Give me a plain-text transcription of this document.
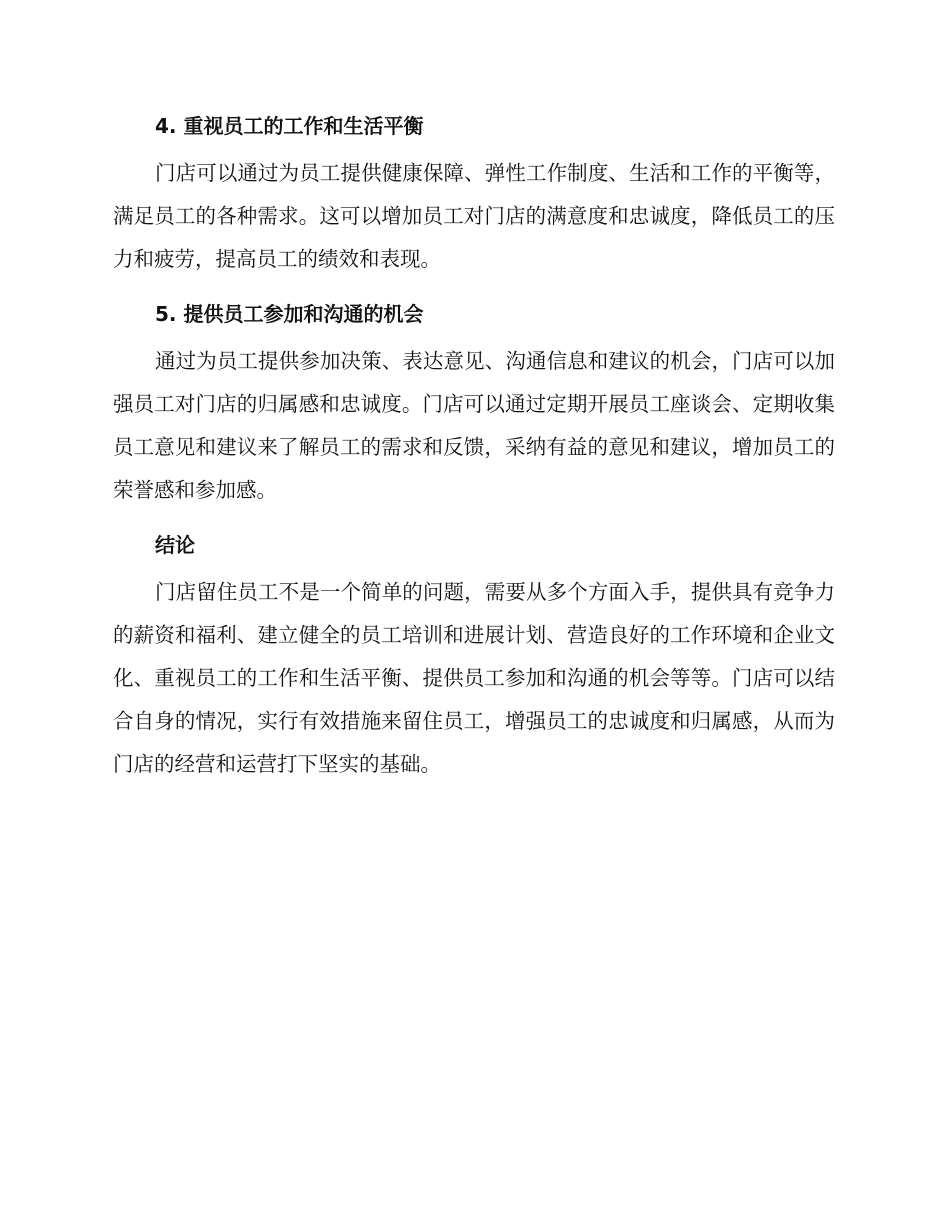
4. 重视员工的工作和生活平衡

门店可以通过为员工提供健康保障、弹性工作制度、生活和工作的平衡等，满足员工的各种需求。这可以增加员工对门店的满意度和忠诚度，降低员工的压力和疲劳，提高员工的绩效和表现。

5. 提供员工参加和沟通的机会

通过为员工提供参加决策、表达意见、沟通信息和建议的机会，门店可以加强员工对门店的归属感和忠诚度。门店可以通过定期开展员工座谈会、定期收集员工意见和建议来了解员工的需求和反馈，采纳有益的意见和建议，增加员工的荣誉感和参加感。

结论

门店留住员工不是一个简单的问题，需要从多个方面入手，提供具有竞争力的薪资和福利、建立健全的员工培训和进展计划、营造良好的工作环境和企业文化、重视员工的工作和生活平衡、提供员工参加和沟通的机会等等。门店可以结合自身的情况，实行有效措施来留住员工，增强员工的忠诚度和归属感，从而为门店的经营和运营打下坚实的基础。
